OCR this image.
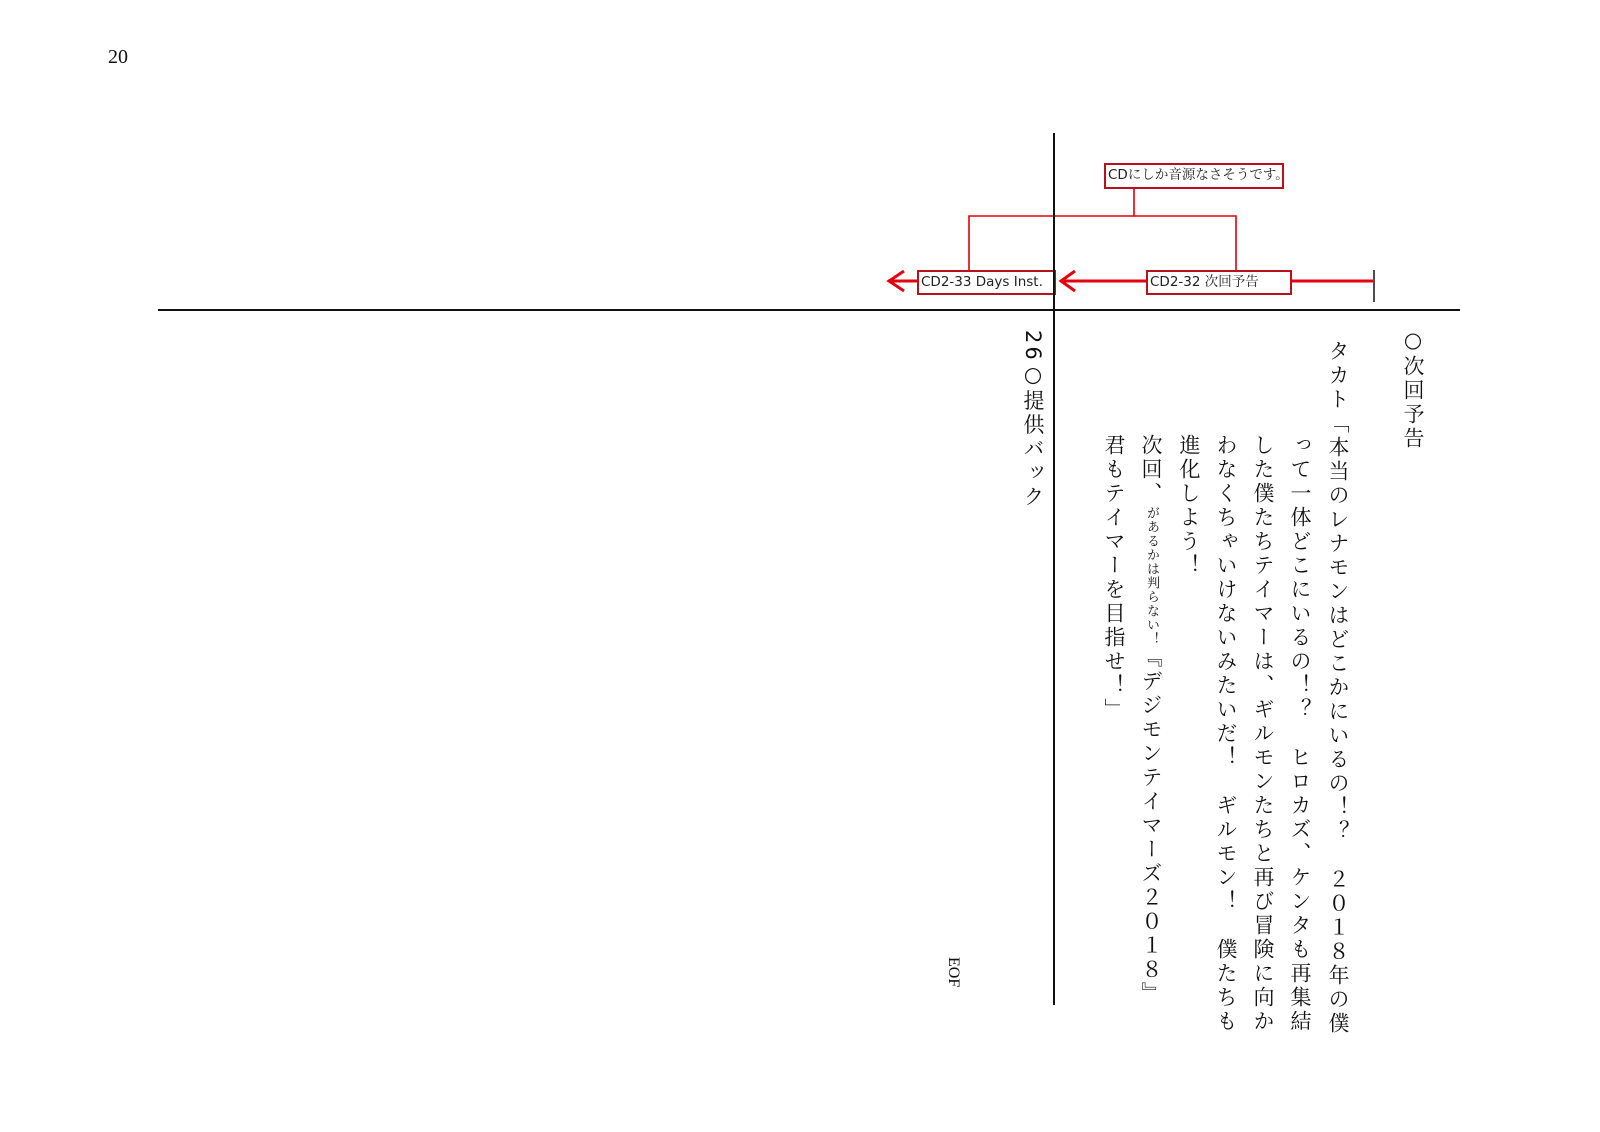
20
CDにしか音源なさそうです。
CD2-32 次回予告
CD2-33 Days Inst.
○次回予告
タカト「本当のレナモンはどこかにいるの！？　２０１８年の僕
って一体どこにいるの！？　ヒロカズ、ケンタも再集結
した僕たちテイマーは、ギルモンたちと再び冒険に向か
わなくちゃいけないみたいだ！　ギルモン！　僕たちも
進化しよう！
次回、があるかは判らない！『デジモンテイマーズ２０１８』
君もテイマーを目指せ！」
26○提供バック
EOF
